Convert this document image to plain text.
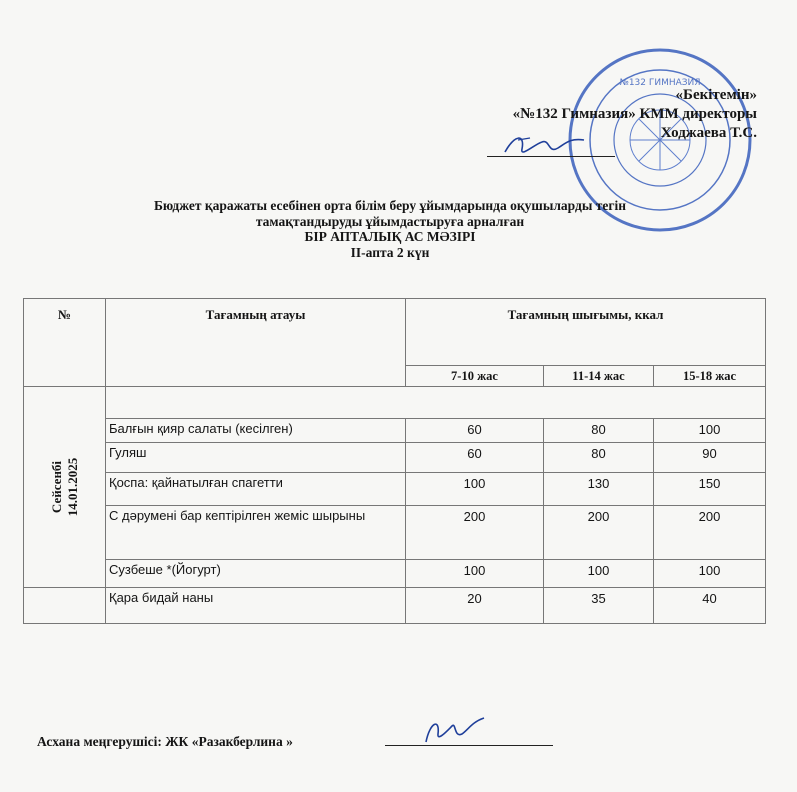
№132 ГИМНАЗИЯ
«Бекітемін»
«№132 Гимназия» КММ директоры
Ходжаева Т.С.
Бюджет қаражаты есебінен орта білім беру ұйымдарында оқушыларды тегін
тамақтандыруды ұйымдастыруға арналған
БІР АПТАЛЫҚ АС МӘЗІРІ
ІІ-апта 2 күн
№	Тағамның атауы	Тағамның шығымы, ккал		
		7-10 жас	11-14 жас	15-18 жас

Сейсенбі 14.01.2025				

	Балғын қияр салаты (кесілген)	60	80	100
	Гуляш	60	80	90
	Қоспа: қайнатылған спагетти	100	130	150
	С дәрумені бар кептірілген жеміс шырыны	200	200	200
	Сузбеше *(Йогурт)	100	100	100
	Қара бидай наны	20	35	40
Асхана меңгерушісі: ЖК «Разакберлина »
